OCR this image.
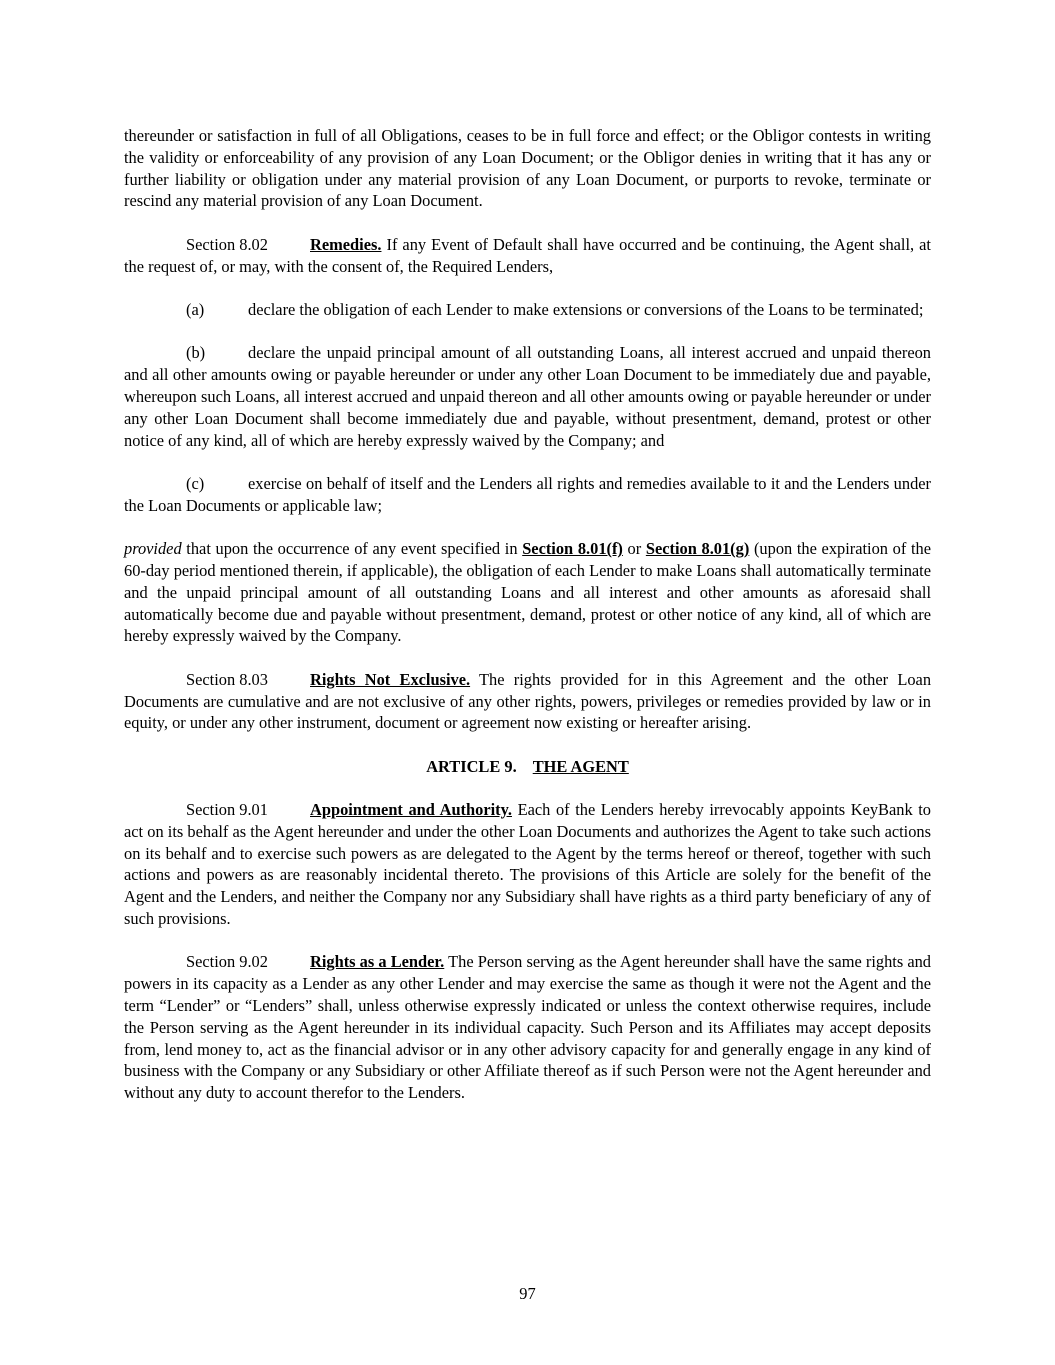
thereunder or satisfaction in full of all Obligations, ceases to be in full force and effect; or the Obligor contests in writing the validity or enforceability of any provision of any Loan Document; or the Obligor denies in writing that it has any or further liability or obligation under any material provision of any Loan Document, or purports to revoke, terminate or rescind any material provision of any Loan Document.

Section 8.02	Remedies. If any Event of Default shall have occurred and be continuing, the Agent shall, at the request of, or may, with the consent of, the Required Lenders,

(a)	declare the obligation of each Lender to make extensions or conversions of the Loans to be terminated;

(b)	declare the unpaid principal amount of all outstanding Loans, all interest accrued and unpaid thereon and all other amounts owing or payable hereunder or under any other Loan Document to be immediately due and payable, whereupon such Loans, all interest accrued and unpaid thereon and all other amounts owing or payable hereunder or under any other Loan Document shall become immediately due and payable, without presentment, demand, protest or other notice of any kind, all of which are hereby expressly waived by the Company; and

(c)	exercise on behalf of itself and the Lenders all rights and remedies available to it and the Lenders under the Loan Documents or applicable law;

provided that upon the occurrence of any event specified in Section 8.01(f) or Section 8.01(g) (upon the expiration of the 60-day period mentioned therein, if applicable), the obligation of each Lender to make Loans shall automatically terminate and the unpaid principal amount of all outstanding Loans and all interest and other amounts as aforesaid shall automatically become due and payable without presentment, demand, protest or other notice of any kind, all of which are hereby expressly waived by the Company.

Section 8.03	Rights Not Exclusive. The rights provided for in this Agreement and the other Loan Documents are cumulative and are not exclusive of any other rights, powers, privileges or remedies provided by law or in equity, or under any other instrument, document or agreement now existing or hereafter arising.

ARTICLE 9. THE AGENT

Section 9.01	Appointment and Authority. Each of the Lenders hereby irrevocably appoints KeyBank to act on its behalf as the Agent hereunder and under the other Loan Documents and authorizes the Agent to take such actions on its behalf and to exercise such powers as are delegated to the Agent by the terms hereof or thereof, together with such actions and powers as are reasonably incidental thereto. The provisions of this Article are solely for the benefit of the Agent and the Lenders, and neither the Company nor any Subsidiary shall have rights as a third party beneficiary of any of such provisions.

Section 9.02	Rights as a Lender. The Person serving as the Agent hereunder shall have the same rights and powers in its capacity as a Lender as any other Lender and may exercise the same as though it were not the Agent and the term “Lender” or “Lenders” shall, unless otherwise expressly indicated or unless the context otherwise requires, include the Person serving as the Agent hereunder in its individual capacity. Such Person and its Affiliates may accept deposits from, lend money to, act as the financial advisor or in any other advisory capacity for and generally engage in any kind of business with the Company or any Subsidiary or other Affiliate thereof as if such Person were not the Agent hereunder and without any duty to account therefor to the Lenders.

97
